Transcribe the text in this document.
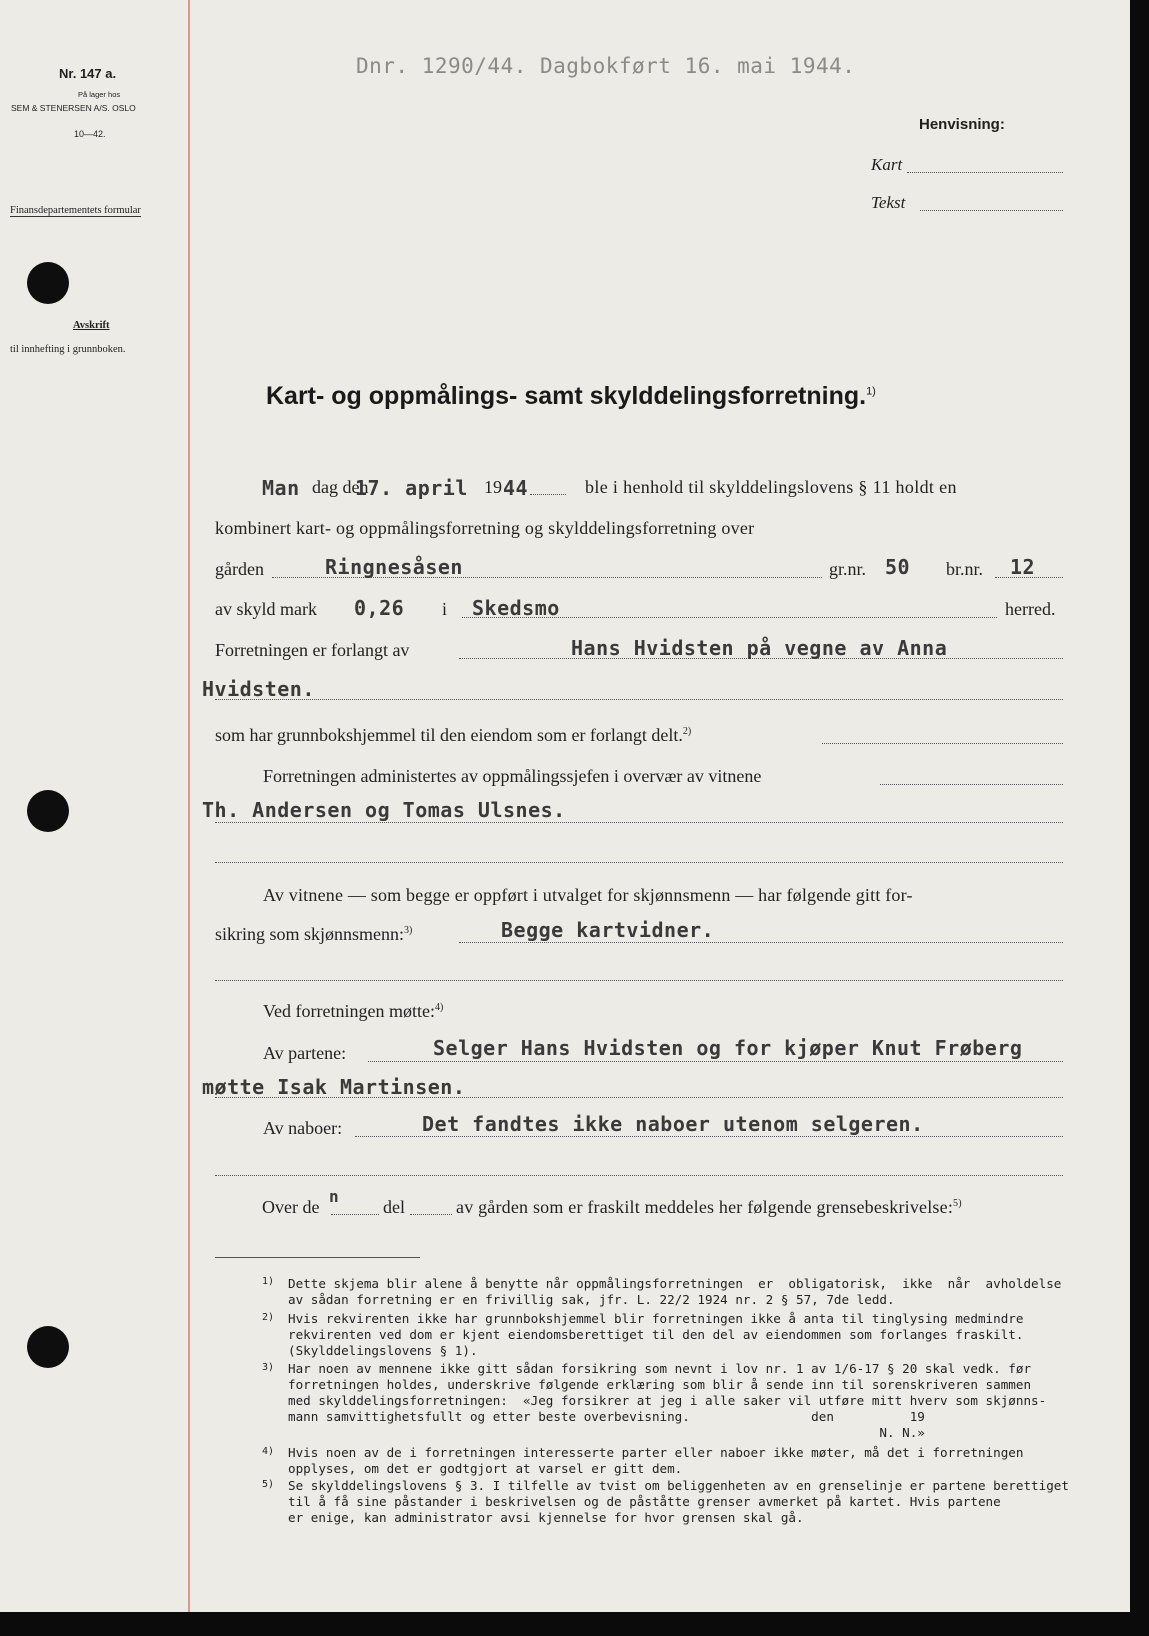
Nr. 147 a.
På lager hos
SEM & STENERSEN A/S. OSLO
10—42.
Finansdepartementets formular
Avskrift
til innhefting i grunnboken.
Dnr. 1290/44. Dagbokført 16. mai 1944.
Henvisning:
Kart
Tekst
Kart- og oppmålings- samt skylddelingsforretning.$^{1)}$
Man dag den
17. april 19 44	ble i henhold til skylddelingslovens § 11 holdt en
kombinert kart- og oppmålingsforretning og skylddelingsforretning over
gården	Ringnesåsen	gr.nr. 50 br.nr. 12
av skyld mark 0,26 i Skedsmo	herred.
Forretningen er forlangt av	Hans Hvidsten på vegne av Anna
Hvidsten.
som har grunnbokshjemmel til den eiendom som er forlangt delt.$^{2)}$
Forretningen administertes av oppmålingssjefen i overvær av vitnene
Th. Andersen og Tomas Ulsnes.
Av vitnene — som begge er oppført i utvalget for skjønnsmenn — har følgende gitt for-
sikring som skjønnsmenn:$^{3)}$	Begge kartvidner.
Ved forretningen møtte:$^{4)}$
Av partene:	Selger Hans Hvidsten og for kjøper Knut Frøberg
møtte Isak Martinsen.
Av naboer:	Det fandtes ikke naboer utenom selgeren.
Over de
n
del	av gården som er fraskilt meddeles her følgende grensebeskrivelse:$^{5)}$
1) Dette skjema blir alene å benytte når oppmålingsforretningen  er  obligatorisk,  ikke  når  avholdelse
av sådan forretning er en frivillig sak, jfr. L. 22/2 1924 nr. 2 § 57, 7de ledd.
2) Hvis rekvirenten ikke har grunnbokshjemmel blir forretningen ikke å anta til tinglysing medmindre
rekvirenten ved dom er kjent eiendomsberettiget til den del av eiendommen som forlanges fraskilt.
(Skylddelingslovens § 1).
3) Har noen av mennene ikke gitt sådan forsikring som nevnt i lov nr. 1 av 1/6-17 § 20 skal vedk. før
forretningen holdes, underskrive følgende erklæring som blir å sende inn til sorenskriveren sammen
med skylddelingsforretningen:  «Jeg forsikrer at jeg i alle saker vil utføre mitt hverv som skjønns-
mann samvittighetsfullt og etter beste overbevisning.                den          19
N. N.»
4) Hvis noen av de i forretningen interesserte parter eller naboer ikke møter, må det i forretningen
opplyses, om det er godtgjort at varsel er gitt dem.
5) Se skylddelingslovens § 3. I tilfelle av tvist om beliggenheten av en grenselinje er partene berettiget
til å få sine påstander i beskrivelsen og de påståtte grenser avmerket på kartet. Hvis partene
er enige, kan administrator avsi kjennelse for hvor grensen skal gå.
